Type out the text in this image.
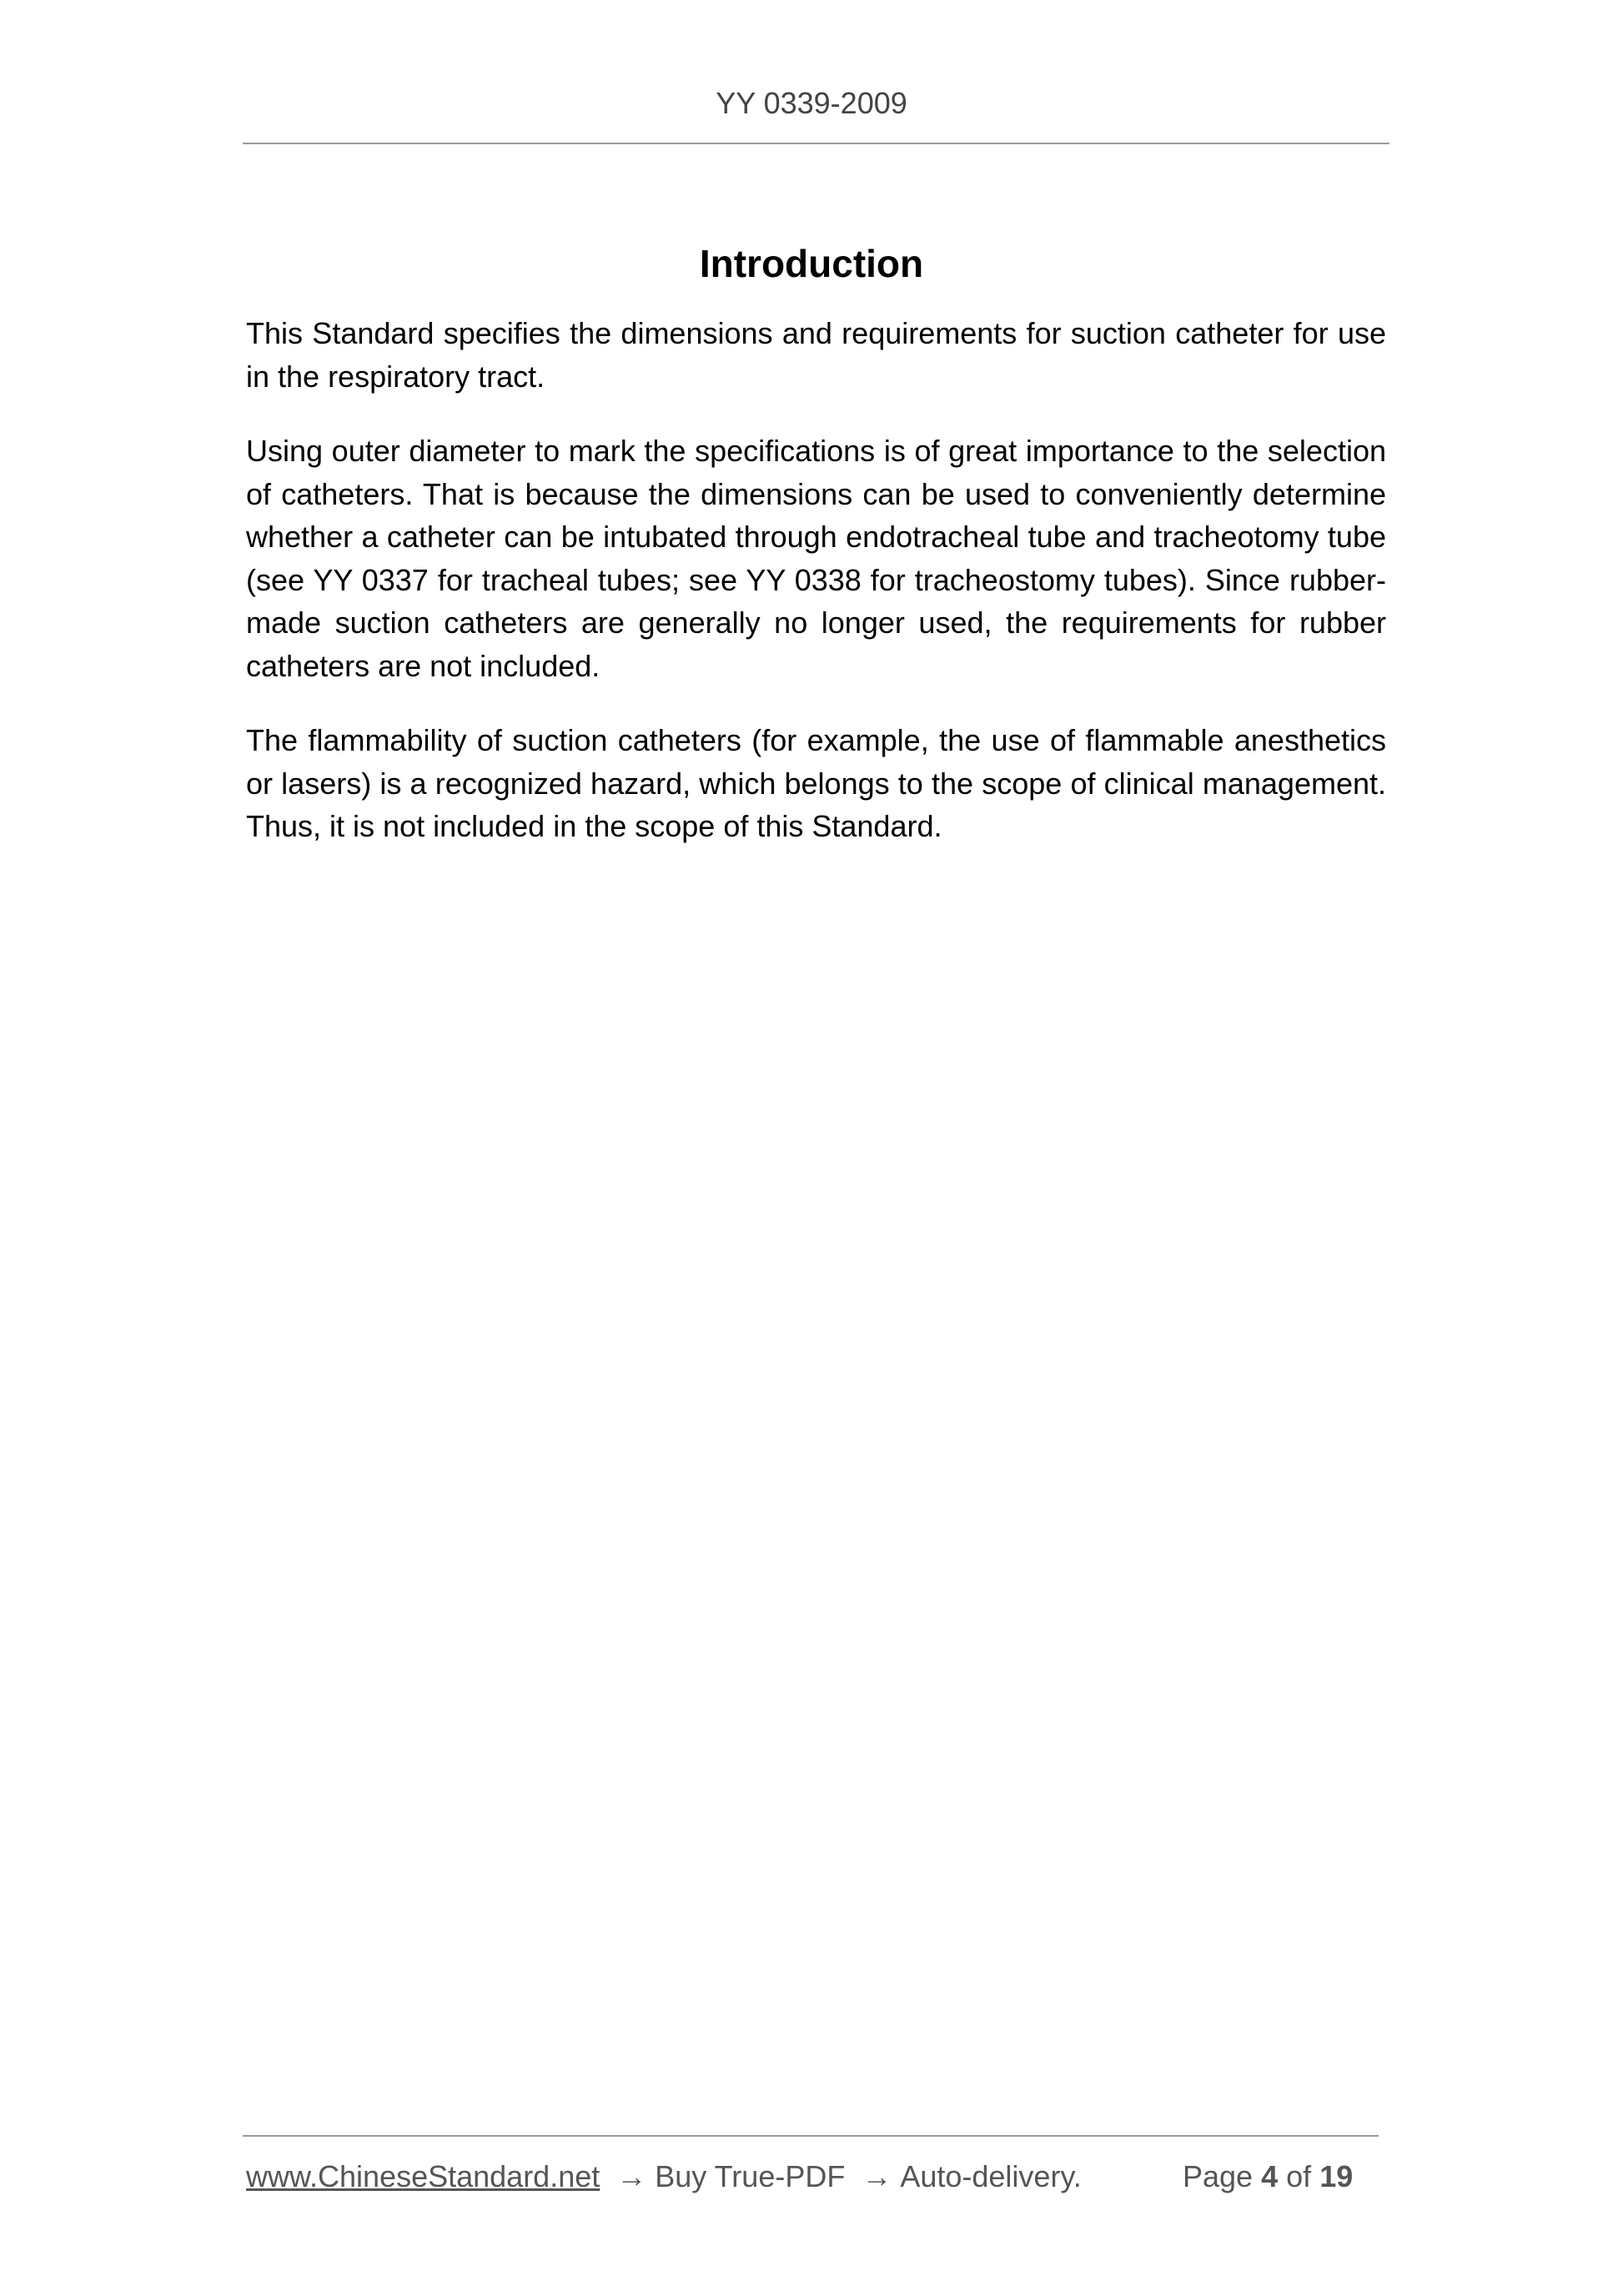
YY 0339-2009
Introduction

This Standard specifies the dimensions and requirements for suction catheter for use in the respiratory tract.

Using outer diameter to mark the specifications is of great importance to the selection of catheters. That is because the dimensions can be used to conveniently determine whether a catheter can be intubated through endotracheal tube and tracheotomy tube (see YY 0337 for tracheal tubes; see YY 0338 for tracheostomy tubes). Since rubber-made suction catheters are generally no longer used, the requirements for rubber catheters are not included.

The flammability of suction catheters (for example, the use of flammable anesthetics or lasers) is a recognized hazard, which belongs to the scope of clinical management. Thus, it is not included in the scope of this Standard.

www.ChineseStandard.net → Buy True-PDF → Auto-delivery.	Page 4 of 19
